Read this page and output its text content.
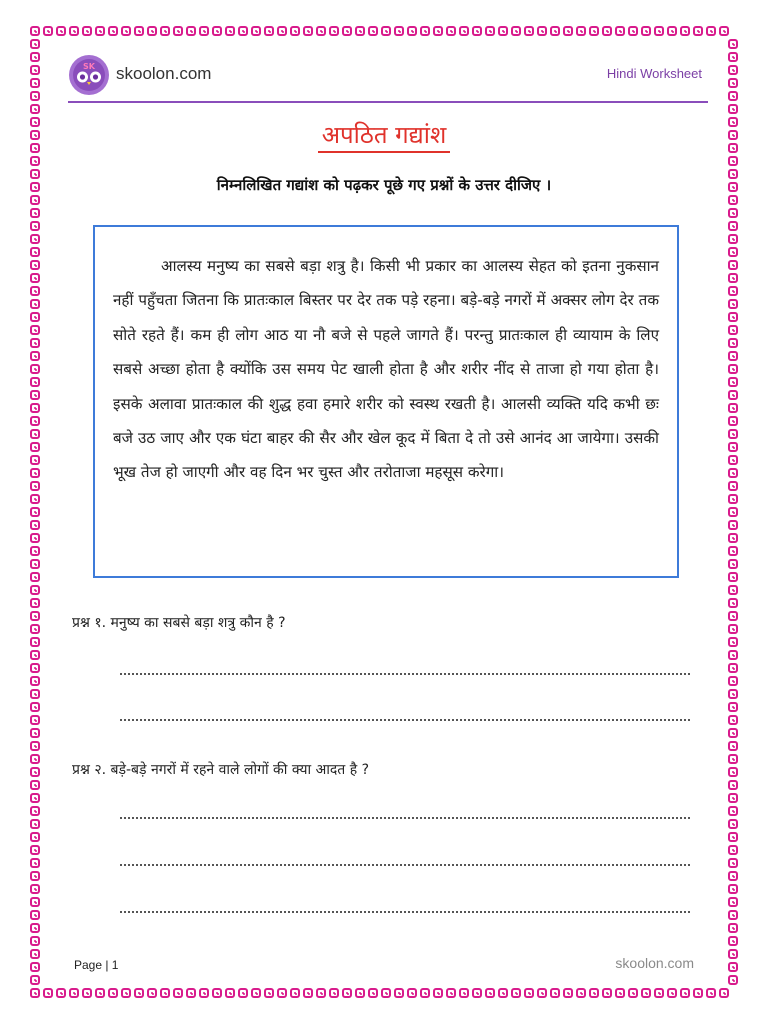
SK skoolon.com	Hindi Worksheet
अपठित गद्यांश
निम्नलिखित गद्यांश को पढ़कर पूछे गए प्रश्नों के उत्तर दीजिए ।
आलस्य मनुष्य का सबसे बड़ा शत्रु है। किसी भी प्रकार का आलस्य सेहत को इतना नुकसान नहीं पहुँचता जितना कि प्रातःकाल बिस्तर पर देर तक पड़े रहना। बड़े-बड़े नगरों में अक्सर लोग देर तक सोते रहते हैं। कम ही लोग आठ या नौ बजे से पहले जागते हैं। परन्तु प्रातःकाल ही व्यायाम के लिए सबसे अच्छा होता है क्योंकि उस समय पेट खाली होता है और शरीर नींद से ताजा हो गया होता है। इसके अलावा प्रातःकाल की शुद्ध हवा हमारे शरीर को स्वस्थ रखती है। आलसी व्यक्ति यदि कभी छः बजे उठ जाए और एक घंटा बाहर की सैर और खेल कूद में बिता दे तो उसे आनंद आ जायेगा। उसकी भूख तेज हो जाएगी और वह दिन भर चुस्त और तरोताजा महसूस करेगा।
प्रश्न १. मनुष्य का सबसे बड़ा शत्रु कौन है ?
प्रश्न २. बड़े-बड़े नगरों में रहने वाले लोगों की क्या आदत है ?
Page | 1	skoolon.com
